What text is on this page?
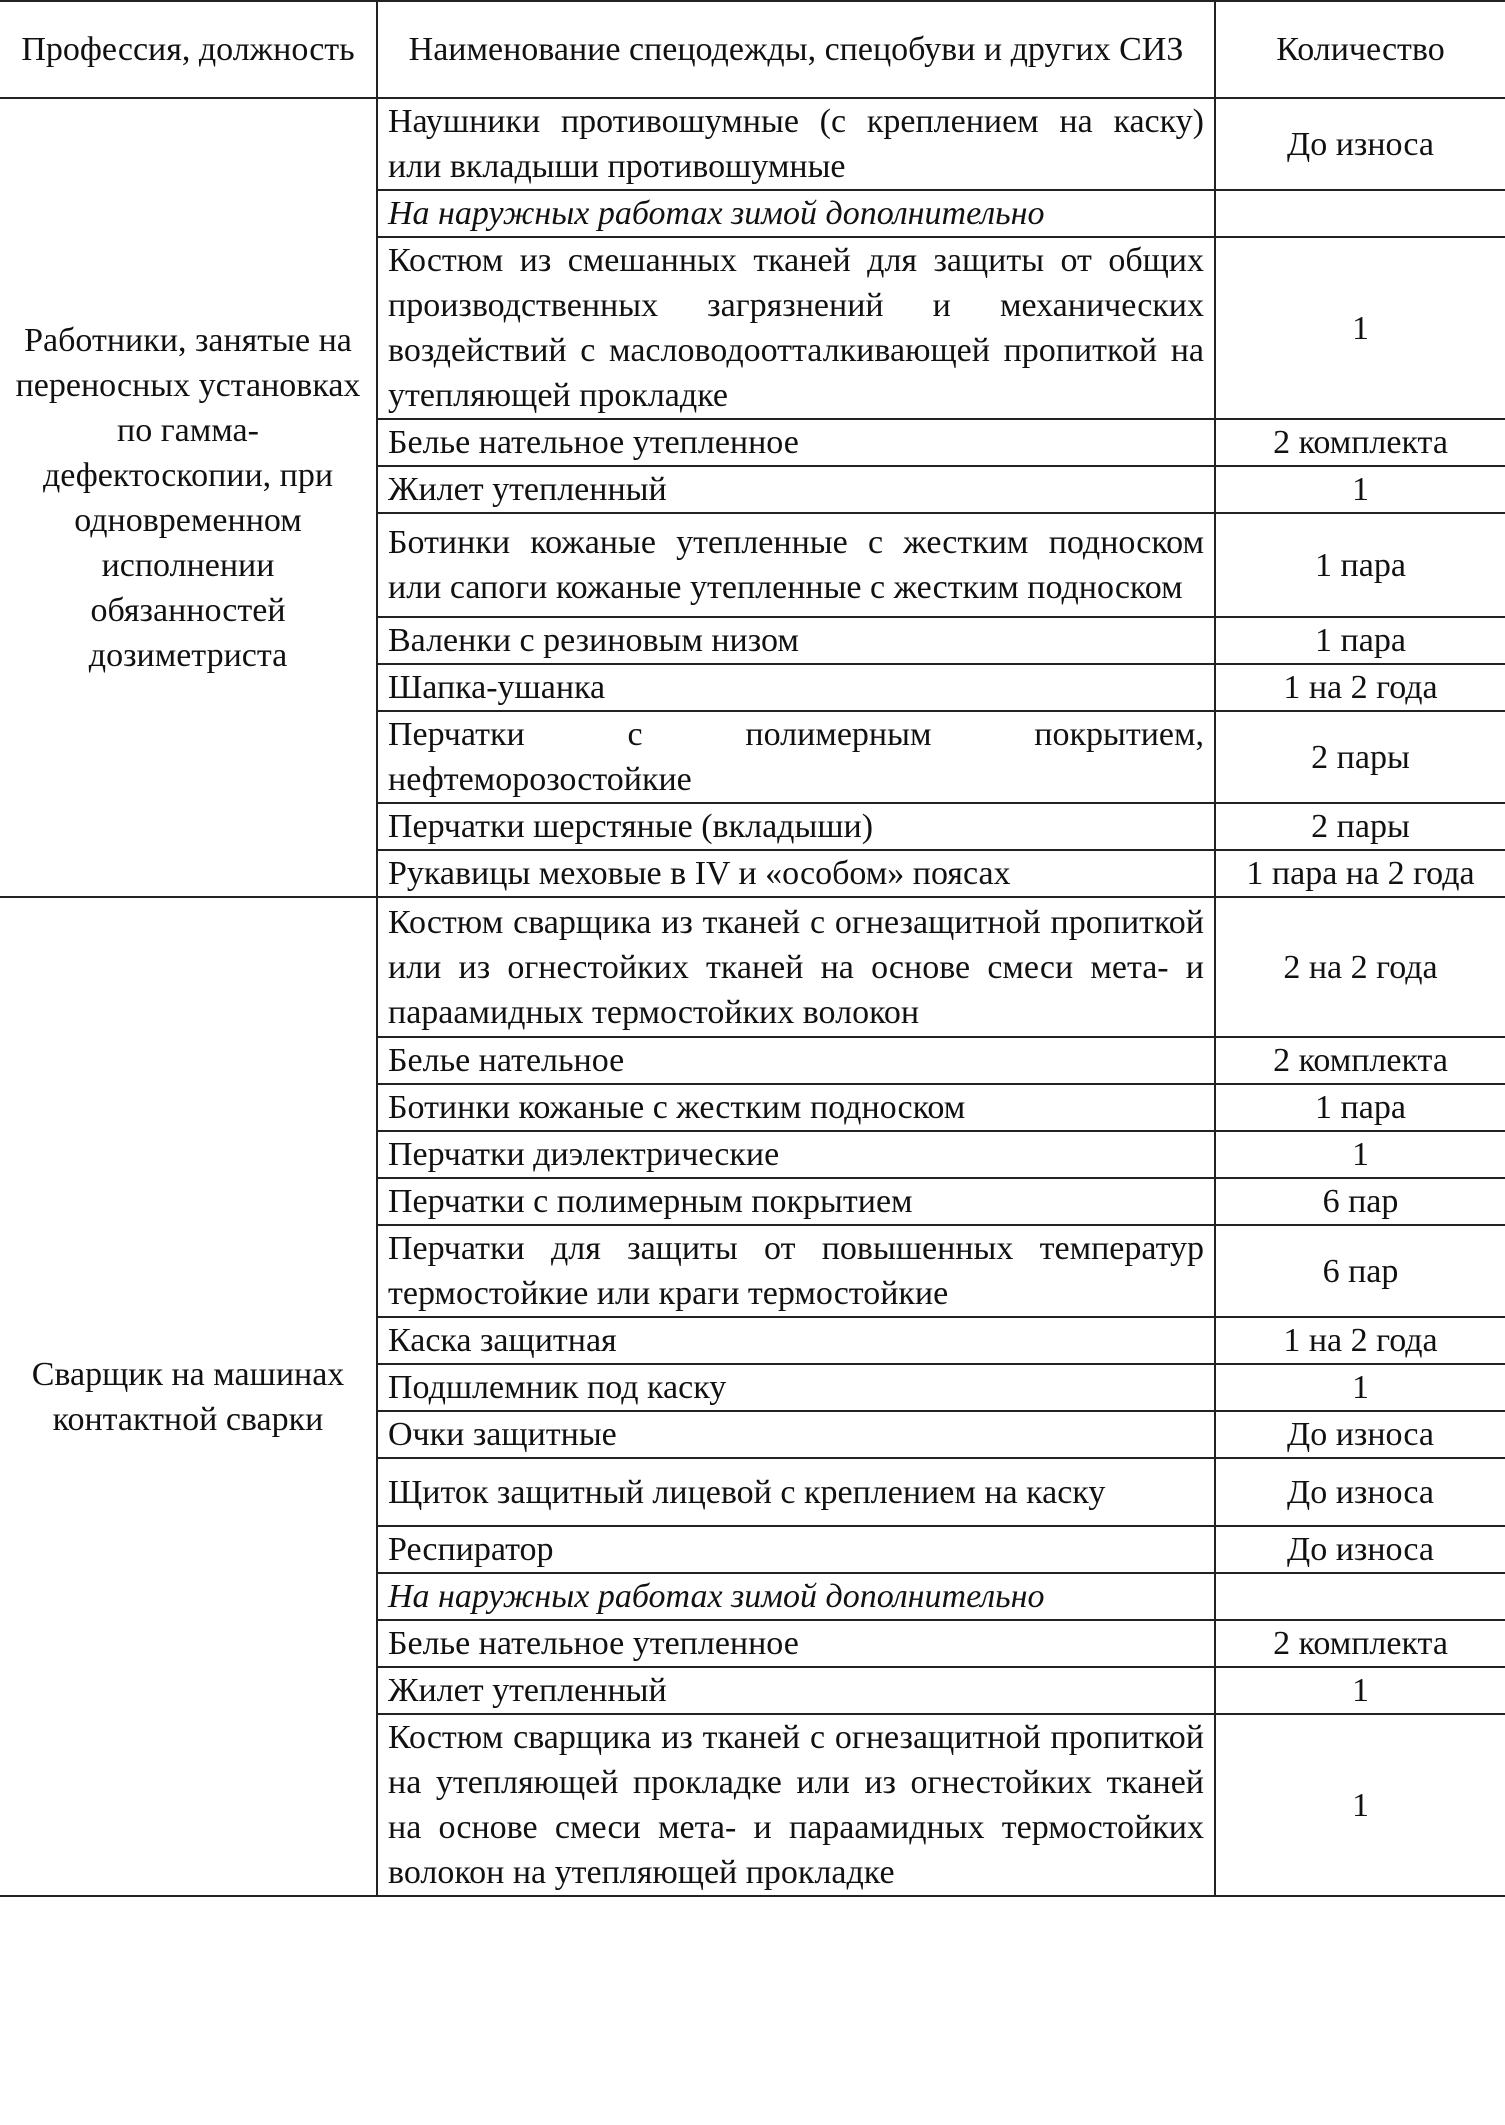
Профессия, должность	Наименование спецодежды, спецобуви и других СИЗ	Количество
Работники, занятые на переносных установках по гамма-дефектоскопии, при одновременном исполнении обязанностей дозиметриста	Наушники противошумные (с креплением на каску) или вкладыши противошумные	До износа
	На наружных работах зимой дополнительно	
	Костюм из смешанных тканей для защиты от общих производственных загрязнений и механических воздействий с масловодоотталкивающей пропиткой на утепляющей прокладке	1
	Белье нательное утепленное	2 комплекта
	Жилет утепленный	1
	Ботинки кожаные утепленные с жестким подноском или сапоги кожаные утепленные с жестким подноском	1 пара
	Валенки с резиновым низом	1 пара
	Шапка-ушанка	1 на 2 года
	Перчатки с полимерным покрытием, нефтеморозостойкие	2 пары
	Перчатки шерстяные (вкладыши)	2 пары
	Рукавицы меховые в IV и «особом» поясах	1 пара на 2 года
Сварщик на машинах контактной сварки	Костюм сварщика из тканей с огнезащитной пропиткой или из огнестойких тканей на основе смеси мета- и параамидных термостойких волокон	2 на 2 года
	Белье нательное	2 комплекта
	Ботинки кожаные с жестким подноском	1 пара
	Перчатки диэлектрические	1
	Перчатки с полимерным покрытием	6 пар
	Перчатки для защиты от повышенных температур термостойкие или краги термостойкие	6 пар
	Каска защитная	1 на 2 года
	Подшлемник под каску	1
	Очки защитные	До износа
	Щиток защитный лицевой с креплением на каску	До износа
	Респиратор	До износа
	На наружных работах зимой дополнительно	
	Белье нательное утепленное	2 комплекта
	Жилет утепленный	1
	Костюм сварщика из тканей с огнезащитной пропиткой на утепляющей прокладке или из огнестойких тканей на основе смеси мета- и параамидных термостойких волокон на утепляющей прокладке	1
